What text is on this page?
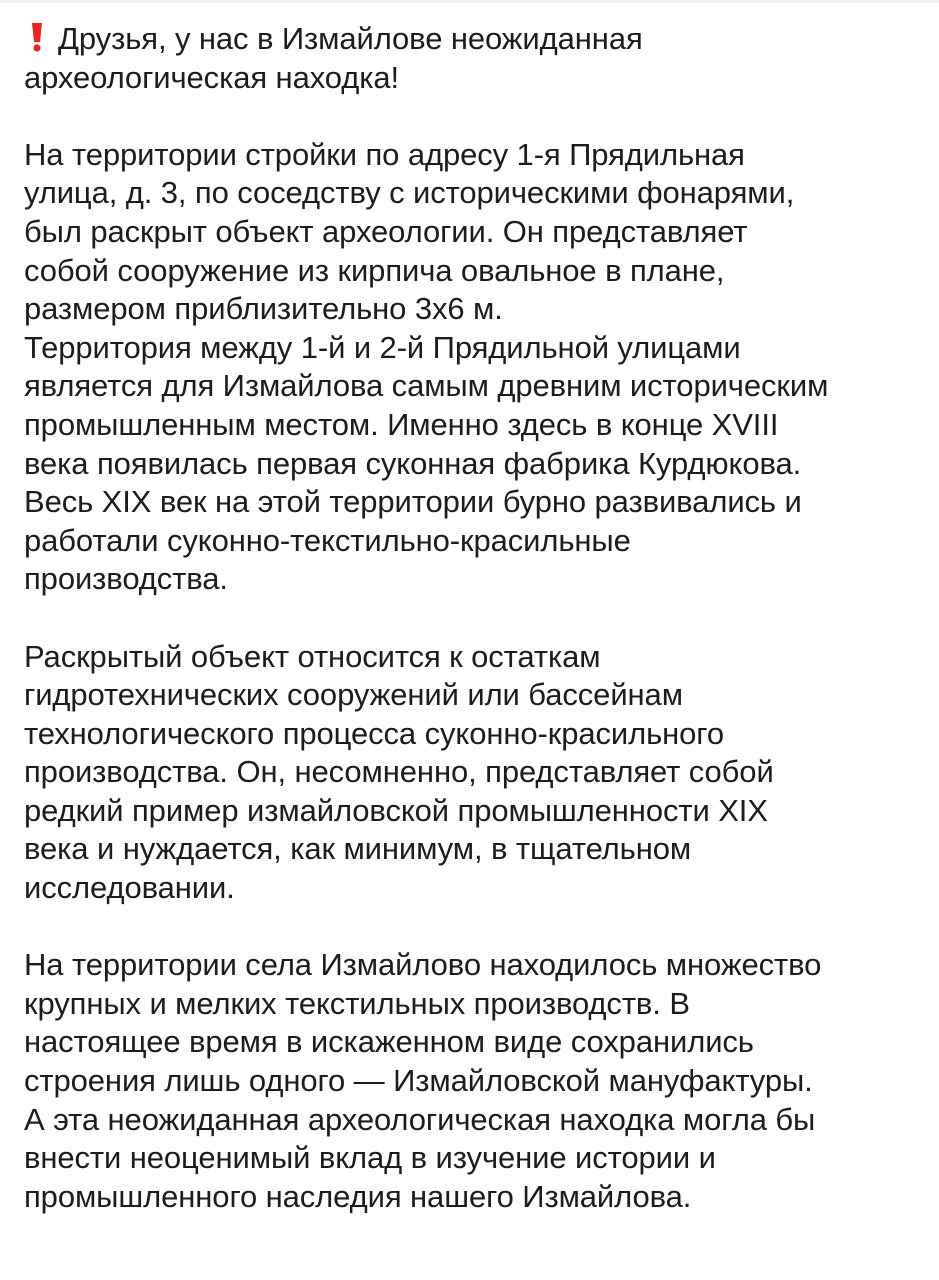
Друзья, у нас в Измайлове неожиданная
археологическая находка!

На территории стройки по адресу 1-я Прядильная
улица, д. 3, по соседству с историческими фонарями,
был раскрыт объект археологии. Он представляет
собой сооружение из кирпича овальное в плане,
размером приблизительно 3х6 м.
Территория между 1-й и 2-й Прядильной улицами
является для Измайлова самым древним историческим
промышленным местом. Именно здесь в конце XVIII
века появилась первая суконная фабрика Курдюкова.
Весь XIX век на этой территории бурно развивались и
работали суконно-текстильно-красильные
производства.

Раскрытый объект относится к остаткам
гидротехнических сооружений или бассейнам
технологического процесса суконно-красильного
производства. Он, несомненно, представляет собой
редкий пример измайловской промышленности XIX
века и нуждается, как минимум, в тщательном
исследовании.

На территории села Измайлово находилось множество
крупных и мелких текстильных производств. В
настоящее время в искаженном виде сохранились
строения лишь одного — Измайловской мануфактуры.
А эта неожиданная археологическая находка могла бы
внести неоценимый вклад в изучение истории и
промышленного наследия нашего Измайлова.
